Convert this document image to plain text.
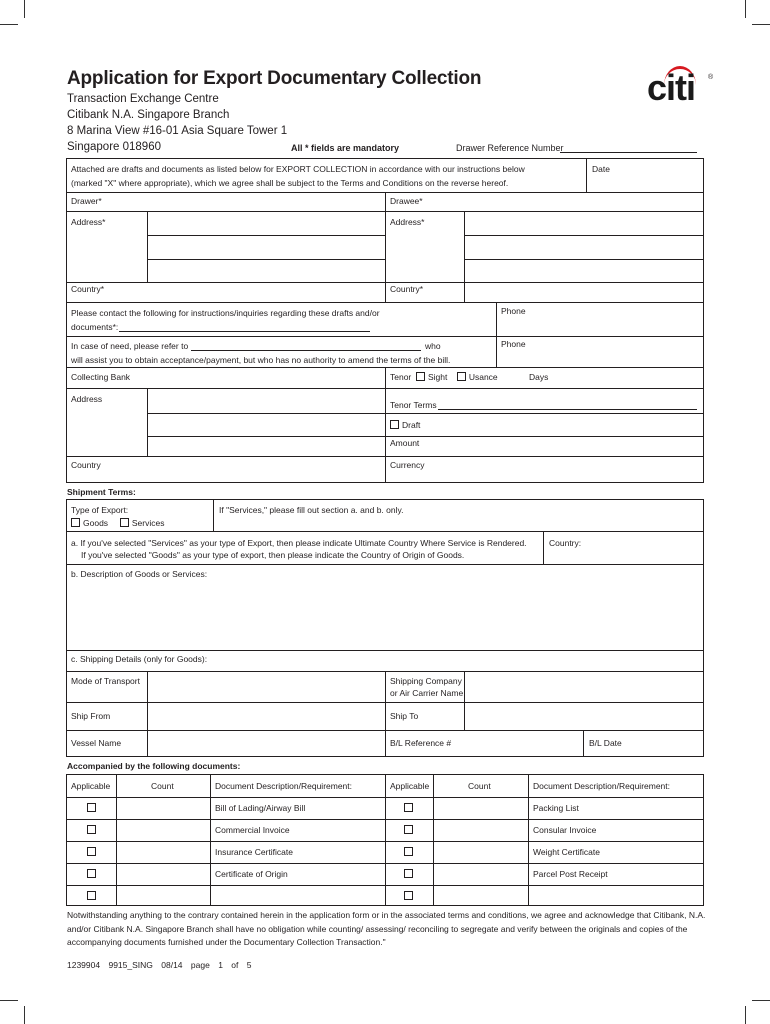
Application for Export Documentary Collection
Transaction Exchange Centre
Citibank N.A. Singapore Branch
8 Marina View #16-01 Asia Square Tower 1
Singapore 018960
citi ®
All * fields are mandatory	Drawer Reference Number
Attached are drafts and documents as listed below for EXPORT COLLECTION in accordance with our instructions below
(marked "X" where appropriate), which we agree shall be subject to the Terms and Conditions on the reverse hereof.
Date
Drawer*	Drawee*
Address*	Address*
Country*	Country*
Please contact the following for instructions/inquiries regarding these drafts and/or
documents*:
Phone
In case of need, please refer to	who
will assist you to obtain acceptance/payment, but who has no authority to amend the terms of the bill.
Phone
Collecting Bank	Tenor Sight	Usance	Days
Address
Tenor Terms
Draft
Amount
Country	Currency
Shipment Terms:
Type of Export:
Goods	Services
If "Services," please fill out section a. and b. only.
a. If you've selected "Services" as your type of Export, then please indicate Ultimate Country Where Service is Rendered.
If you've selected "Goods" as your type of export, then please indicate the Country of Origin of Goods.
Country:
b. Description of Goods or Services:
c. Shipping Details (only for Goods):
Mode of Transport	Shipping Company
or Air Carrier Name
Ship From	Ship To
Vessel Name	B/L Reference #	B/L Date
Accompanied by the following documents:
Applicable	Count	Document Description/Requirement:	Applicable	Count	Document Description/Requirement:
Bill of Lading/Airway Bill	Packing List
Commercial Invoice	Consular Invoice
Insurance Certificate	Weight Certificate
Certificate of Origin	Parcel Post Receipt
Notwithstanding anything to the contrary contained herein in the application form or in the associated terms and conditions, we agree and acknowledge that Citibank, N.A. and/or Citibank N.A. Singapore Branch shall have no obligation while counting/ assessing/ reconciling to segregate and verify between the originals and copies of the accompanying documents furnished under the Documentary Collection Transaction."
1239904 9915_SING 08/14 page 1 of 5
